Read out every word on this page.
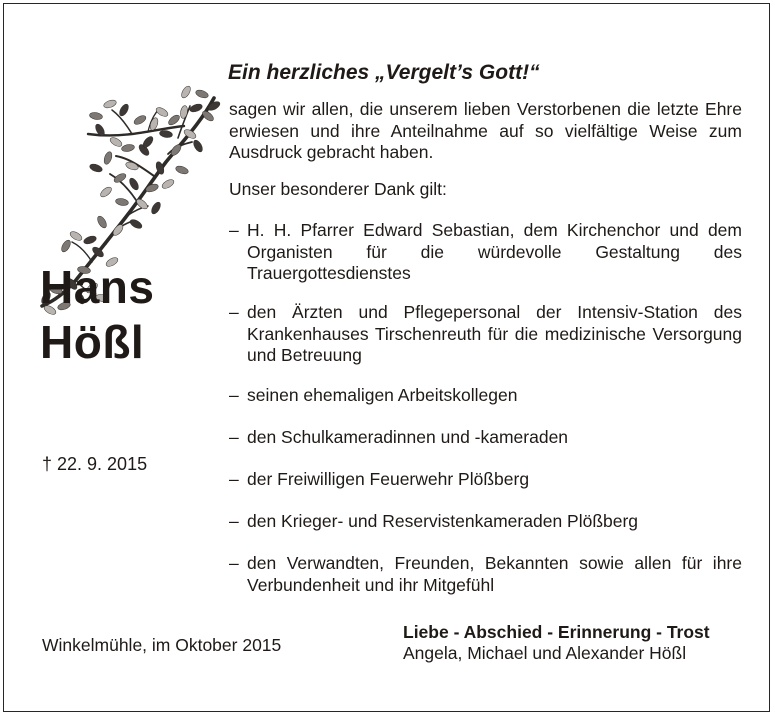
Hans
Hößl
† 22. 9. 2015
Ein herzliches „Vergelt’s Gott!“
sagen wir allen, die unserem lieben Verstorbenen die letzte Ehre erwiesen und ihre Anteilnahme auf so vielfältige Weise zum Ausdruck gebracht haben.
Unser besonderer Dank gilt:
– H. H. Pfarrer Edward Sebastian, dem Kirchenchor und dem Organisten für die würdevolle Gestaltung des Trauergottesdienstes
– den Ärzten und Pflegepersonal der Intensiv-Station des Krankenhauses Tirschenreuth für die medizinische Versorgung und Betreuung
– seinen ehemaligen Arbeitskollegen
– den Schulkameradinnen und -kameraden
– der Freiwilligen Feuerwehr Plößberg
– den Krieger- und Reservistenkameraden Plößberg
– den Verwandten, Freunden, Bekannten sowie allen für ihre Verbundenheit und ihr Mitgefühl
Winkelmühle, im Oktober 2015
Liebe - Abschied - Erinnerung - Trost
Angela, Michael und Alexander Hößl
